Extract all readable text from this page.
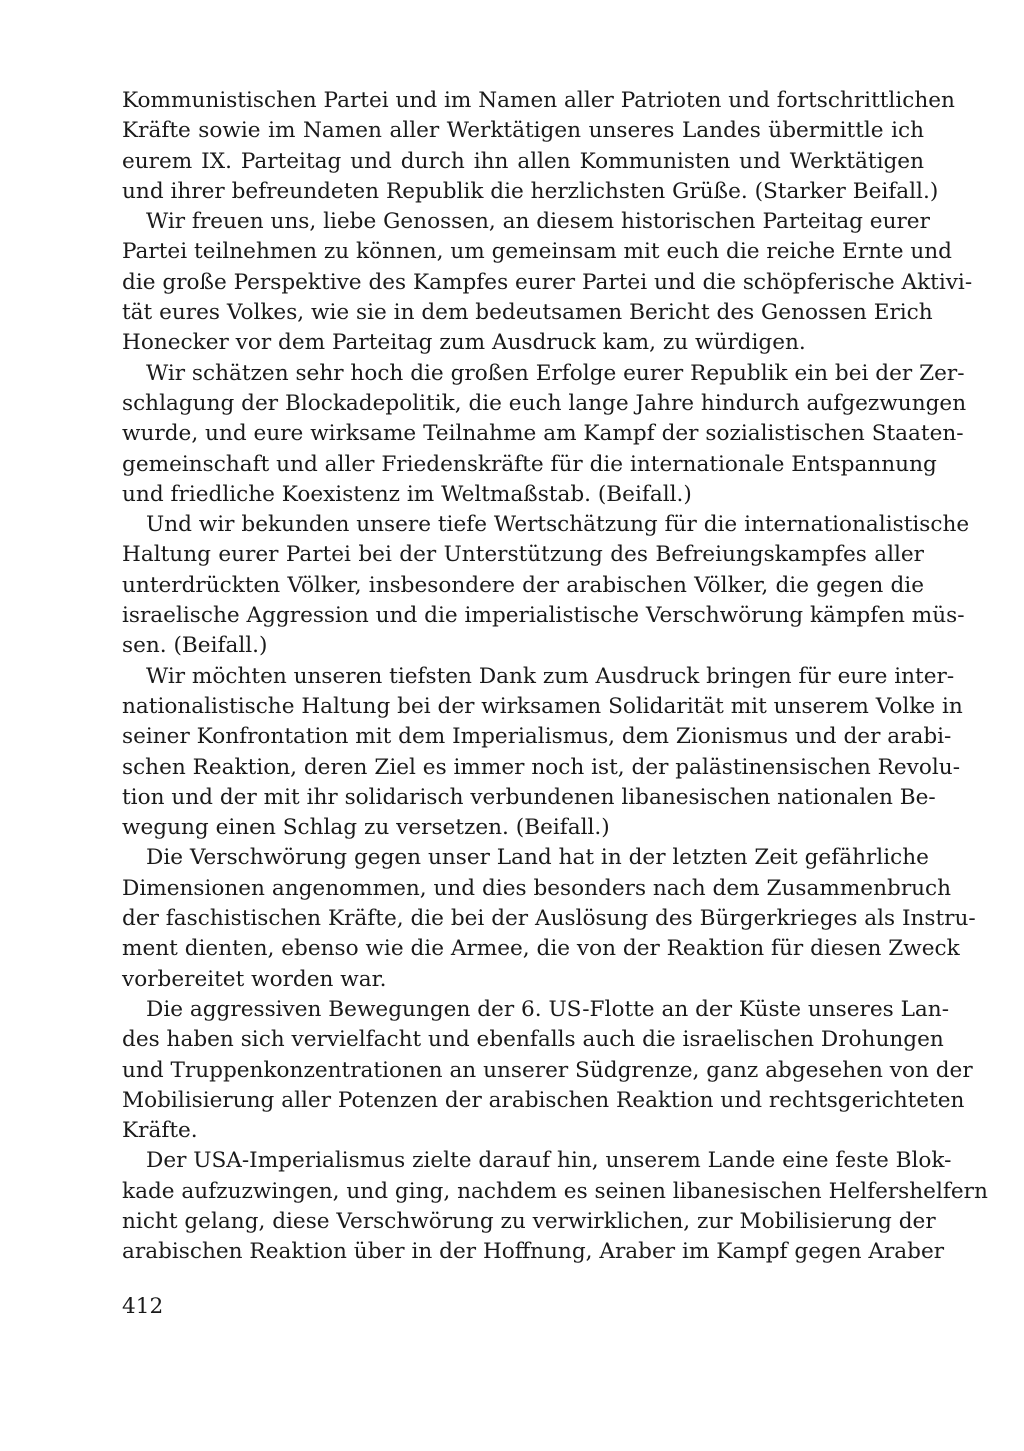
Kommunistischen Partei und im Namen aller Patrioten und fortschrittlichen
Kräfte sowie im Namen aller Werktätigen unseres Landes übermittle ich
eurem IX. Parteitag und durch ihn allen Kommunisten und Werktätigen
und ihrer befreundeten Republik die herzlichsten Grüße. (Starker Beifall.)
Wir freuen uns, liebe Genossen, an diesem historischen Parteitag eurer
Partei teilnehmen zu können, um gemeinsam mit euch die reiche Ernte und
die große Perspektive des Kampfes eurer Partei und die schöpferische Aktivi-
tät eures Volkes, wie sie in dem bedeutsamen Bericht des Genossen Erich
Honecker vor dem Parteitag zum Ausdruck kam, zu würdigen.
Wir schätzen sehr hoch die großen Erfolge eurer Republik ein bei der Zer-
schlagung der Blockadepolitik, die euch lange Jahre hindurch aufgezwungen
wurde, und eure wirksame Teilnahme am Kampf der sozialistischen Staaten-
gemeinschaft und aller Friedenskräfte für die internationale Entspannung
und friedliche Koexistenz im Weltmaßstab. (Beifall.)
Und wir bekunden unsere tiefe Wertschätzung für die internationalistische
Haltung eurer Partei bei der Unterstützung des Befreiungskampfes aller
unterdrückten Völker, insbesondere der arabischen Völker, die gegen die
israelische Aggression und die imperialistische Verschwörung kämpfen müs-
sen. (Beifall.)
Wir möchten unseren tiefsten Dank zum Ausdruck bringen für eure inter-
nationalistische Haltung bei der wirksamen Solidarität mit unserem Volke in
seiner Konfrontation mit dem Imperialismus, dem Zionismus und der arabi-
schen Reaktion, deren Ziel es immer noch ist, der palästinensischen Revolu-
tion und der mit ihr solidarisch verbundenen libanesischen nationalen Be-
wegung einen Schlag zu versetzen. (Beifall.)
Die Verschwörung gegen unser Land hat in der letzten Zeit gefährliche
Dimensionen angenommen, und dies besonders nach dem Zusammenbruch
der faschistischen Kräfte, die bei der Auslösung des Bürgerkrieges als Instru-
ment dienten, ebenso wie die Armee, die von der Reaktion für diesen Zweck
vorbereitet worden war.
Die aggressiven Bewegungen der 6. US-Flotte an der Küste unseres Lan-
des haben sich vervielfacht und ebenfalls auch die israelischen Drohungen
und Truppenkonzentrationen an unserer Südgrenze, ganz abgesehen von der
Mobilisierung aller Potenzen der arabischen Reaktion und rechtsgerichteten
Kräfte.
Der USA-Imperialismus zielte darauf hin, unserem Lande eine feste Blok-
kade aufzuzwingen, und ging, nachdem es seinen libanesischen Helfershelfern
nicht gelang, diese Verschwörung zu verwirklichen, zur Mobilisierung der
arabischen Reaktion über in der Hoffnung, Araber im Kampf gegen Araber
412
